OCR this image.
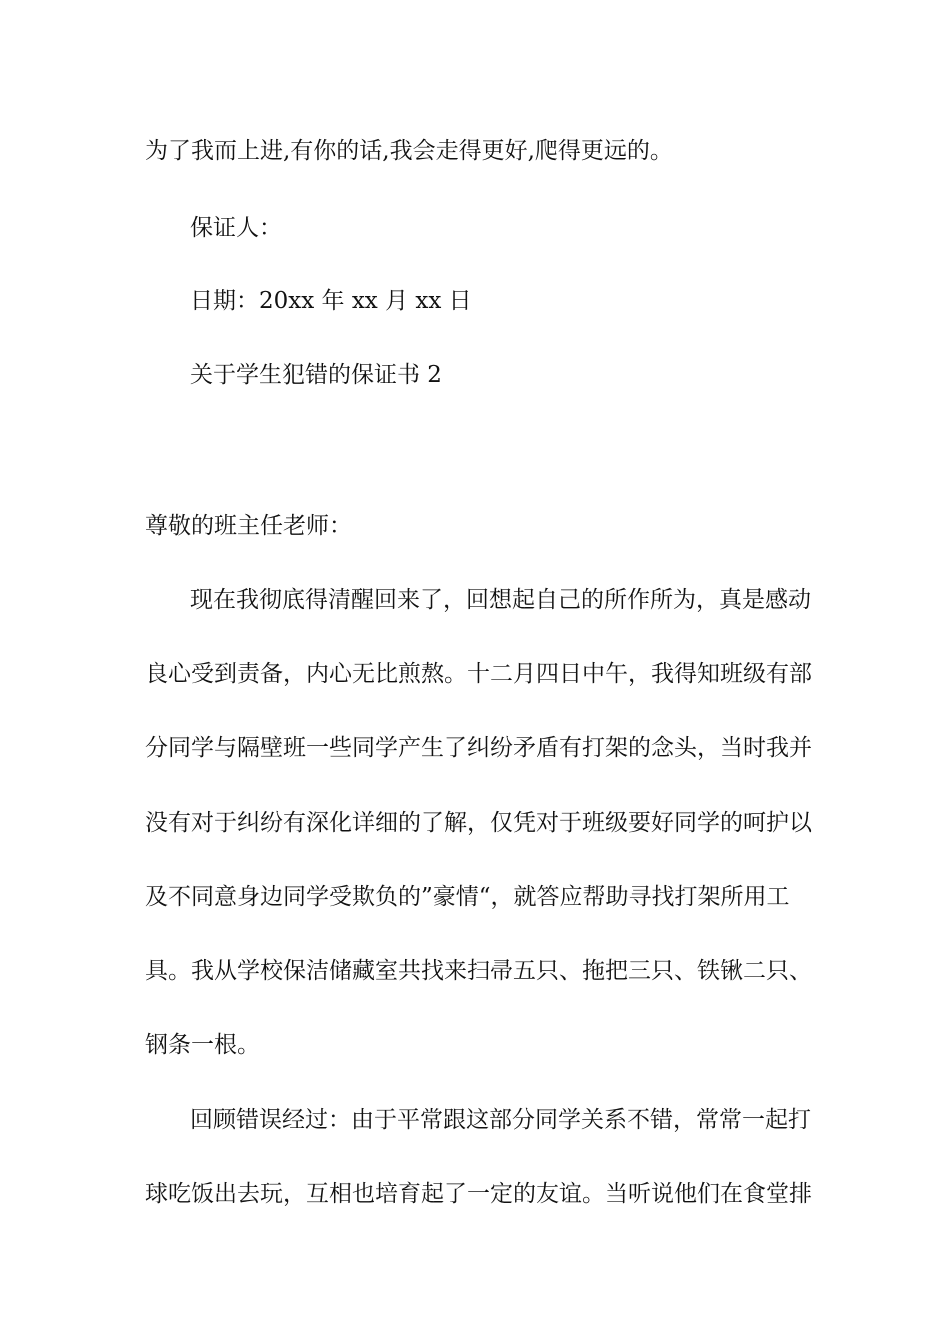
为了我而上进,有你的话,我会走得更好,爬得更远的。
保证人：
日期：20xx 年 xx 月 xx 日
关于学生犯错的保证书 2
尊敬的班主任老师：
现在我彻底得清醒回来了，回想起自己的所作所为，真是感动
良心受到责备，内心无比煎熬。十二月四日中午，我得知班级有部
分同学与隔壁班一些同学产生了纠纷矛盾有打架的念头，当时我并
没有对于纠纷有深化详细的了解，仅凭对于班级要好同学的呵护以
及不同意身边同学受欺负的”豪情“，就答应帮助寻找打架所用工
具。我从学校保洁储藏室共找来扫帚五只、拖把三只、铁锹二只、
钢条一根。
回顾错误经过：由于平常跟这部分同学关系不错，常常一起打
球吃饭出去玩，互相也培育起了一定的友谊。当听说他们在食堂排
